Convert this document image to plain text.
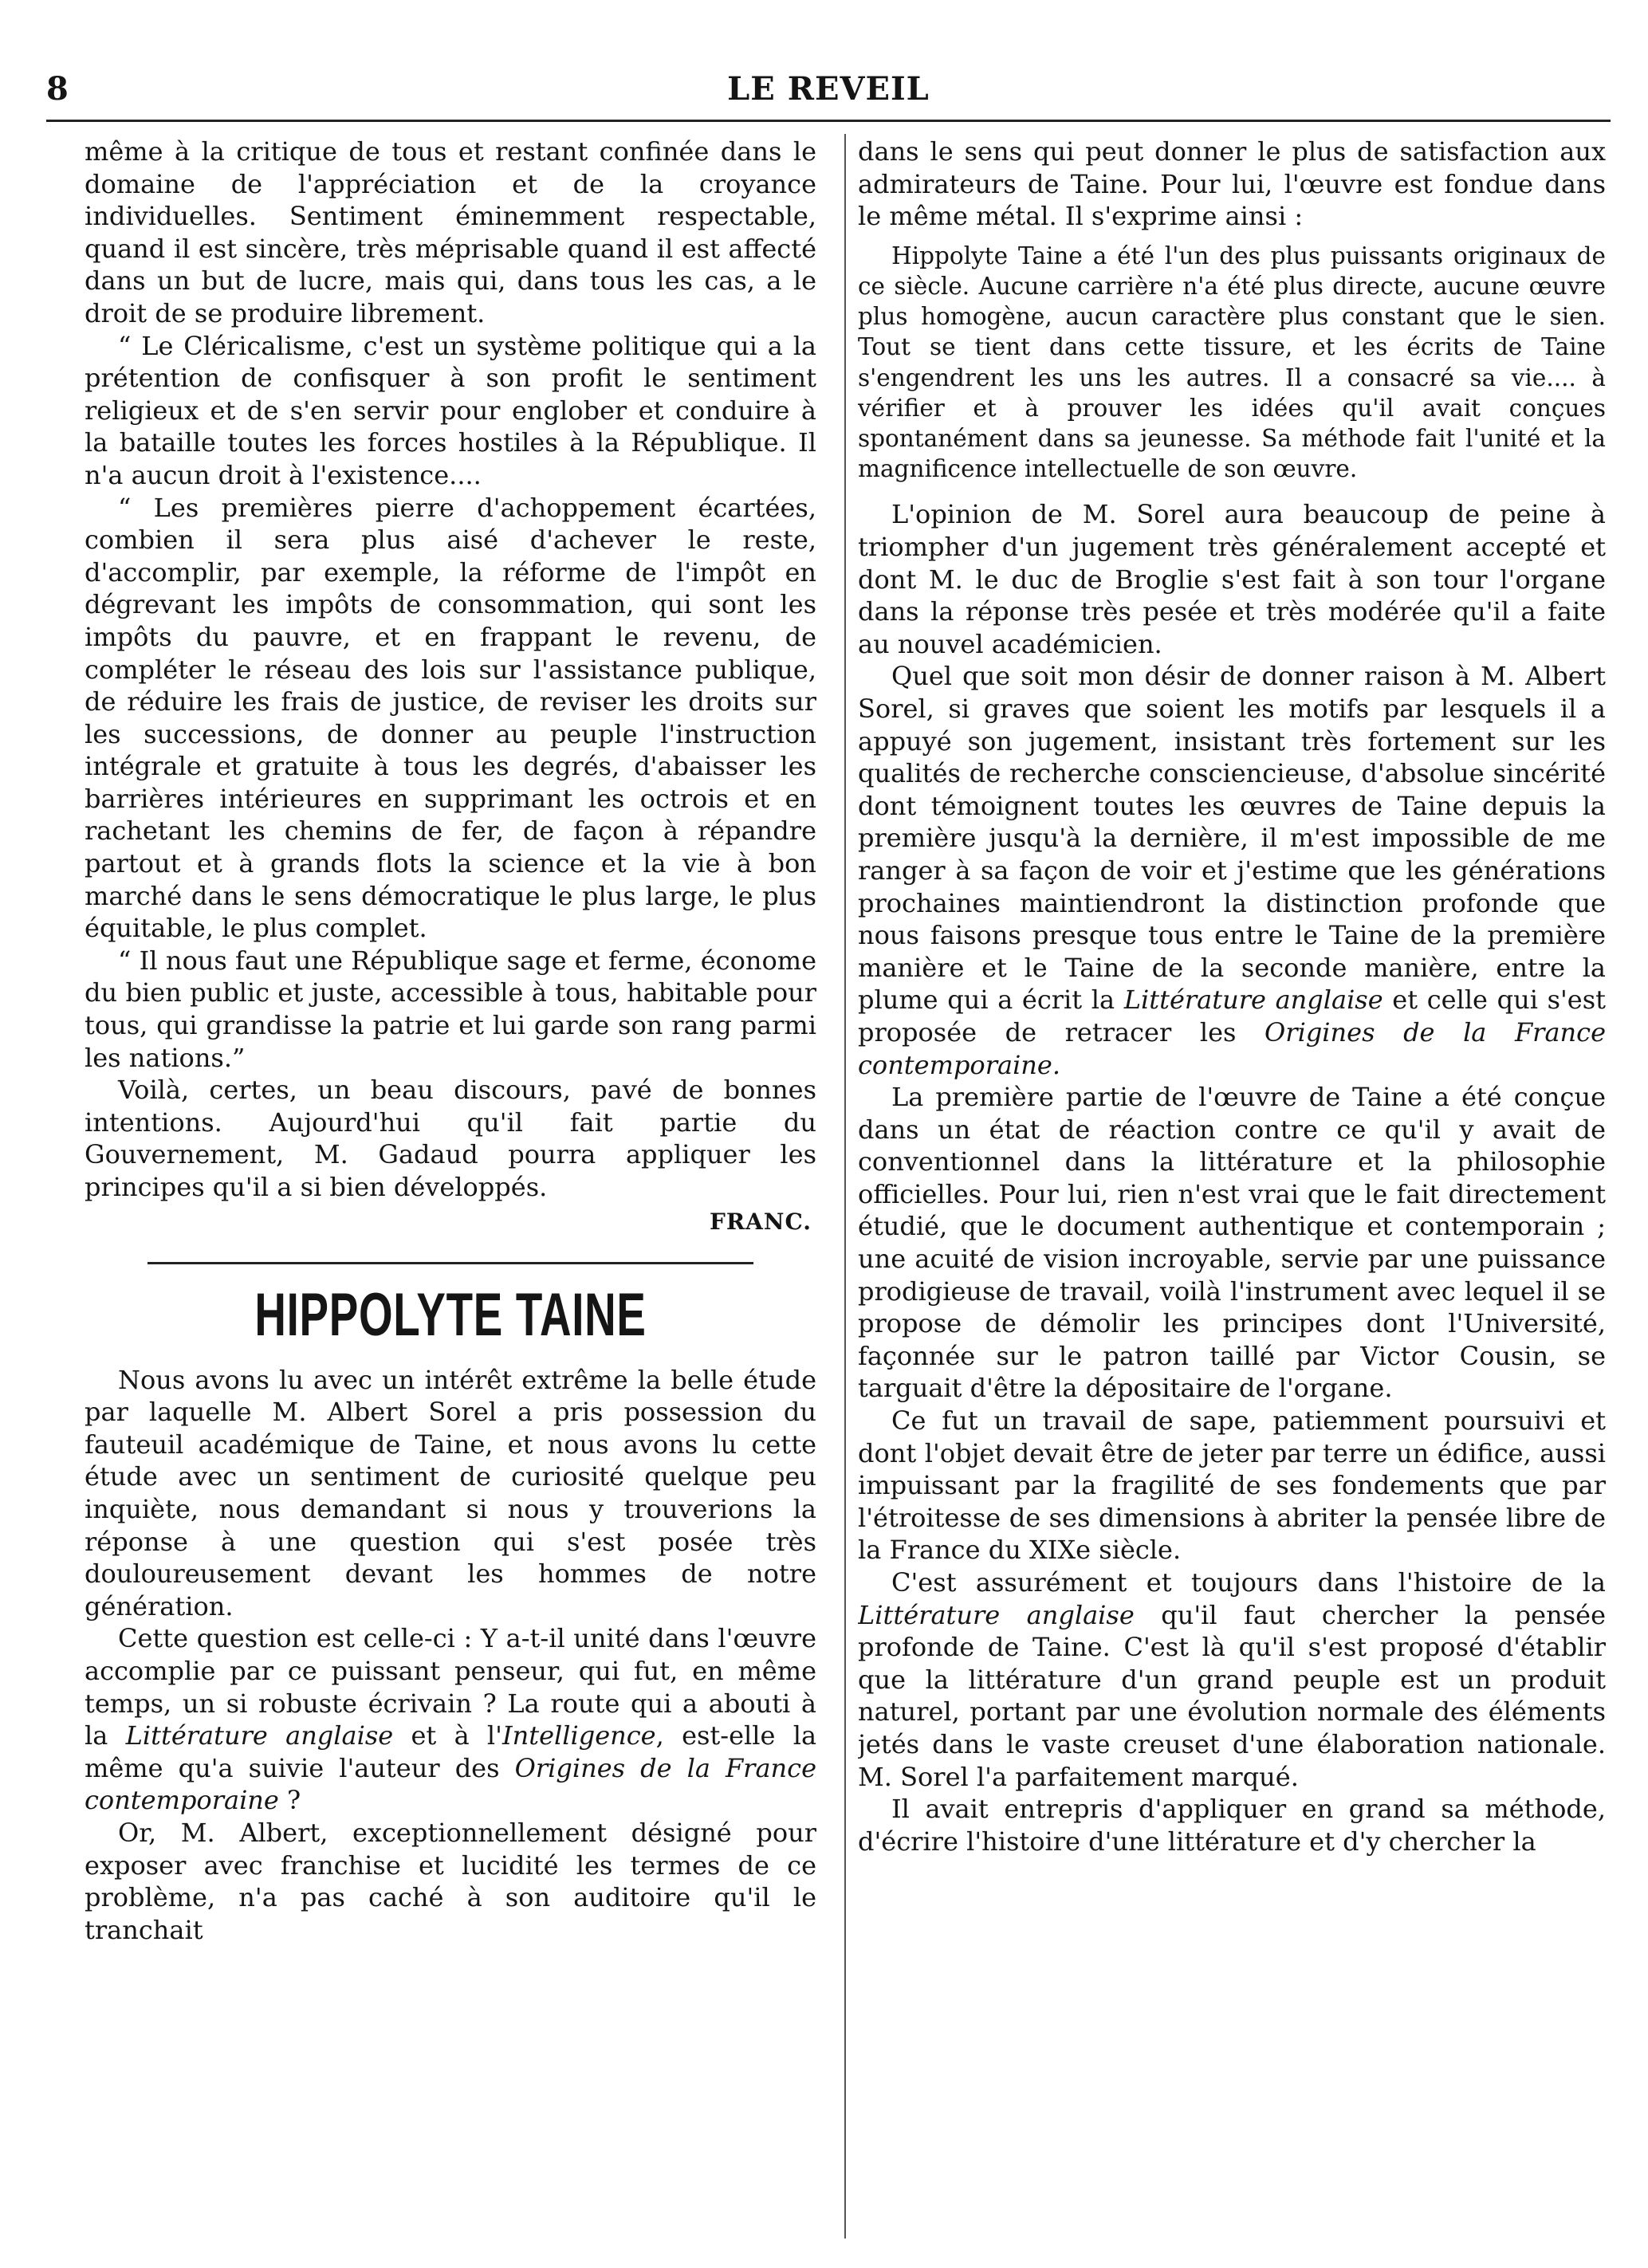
8	LE REVEIL

même à la critique de tous et restant confinée dans le domaine de l'appréciation et de la croyance individuelles. Sentiment éminemment respectable, quand il est sincère, très méprisable quand il est affecté dans un but de lucre, mais qui, dans tous les cas, a le droit de se produire librement.

“ Le Cléricalisme, c'est un système politique qui a la prétention de confisquer à son profit le sentiment religieux et de s'en servir pour englober et conduire à la bataille toutes les forces hostiles à la République. Il n'a aucun droit à l'existence....

“ Les premières pierre d'achoppement écartées, combien il sera plus aisé d'achever le reste, d'accomplir, par exemple, la réforme de l'impôt en dégrevant les impôts de consommation, qui sont les impôts du pauvre, et en frappant le revenu, de compléter le réseau des lois sur l'assistance publique, de réduire les frais de justice, de reviser les droits sur les successions, de donner au peuple l'instruction intégrale et gratuite à tous les degrés, d'abaisser les barrières intérieures en supprimant les octrois et en rachetant les chemins de fer, de façon à répandre partout et à grands flots la science et la vie à bon marché dans le sens démocratique le plus large, le plus équitable, le plus complet.

“ Il nous faut une République sage et ferme, économe du bien public et juste, accessible à tous, habitable pour tous, qui grandisse la patrie et lui garde son rang parmi les nations.”

Voilà, certes, un beau discours, pavé de bonnes intentions. Aujourd'hui qu'il fait partie du Gouvernement, M. Gadaud pourra appliquer les principes qu'il a si bien développés.

FRANC.

HIPPOLYTE TAINE

Nous avons lu avec un intérêt extrême la belle étude par laquelle M. Albert Sorel a pris possession du fauteuil académique de Taine, et nous avons lu cette étude avec un sentiment de curiosité quelque peu inquiète, nous demandant si nous y trouverions la réponse à une question qui s'est posée très douloureusement devant les hommes de notre génération.

Cette question est celle-ci : Y a-t-il unité dans l'œuvre accomplie par ce puissant penseur, qui fut, en même temps, un si robuste écrivain ? La route qui a abouti à la Littérature anglaise et à l'Intelligence, est-elle la même qu'a suivie l'auteur des Origines de la France contemporaine ?

Or, M. Albert, exceptionnellement désigné pour exposer avec franchise et lucidité les termes de ce problème, n'a pas caché à son auditoire qu'il le tranchait

dans le sens qui peut donner le plus de satisfaction aux admirateurs de Taine. Pour lui, l'œuvre est fondue dans le même métal. Il s'exprime ainsi :

Hippolyte Taine a été l'un des plus puissants originaux de ce siècle. Aucune carrière n'a été plus directe, aucune œuvre plus homogène, aucun caractère plus constant que le sien. Tout se tient dans cette tissure, et les écrits de Taine s'engendrent les uns les autres. Il a consacré sa vie.... à vérifier et à prouver les idées qu'il avait conçues spontanément dans sa jeunesse. Sa méthode fait l'unité et la magnificence intellectuelle de son œuvre.

L'opinion de M. Sorel aura beaucoup de peine à triompher d'un jugement très généralement accepté et dont M. le duc de Broglie s'est fait à son tour l'organe dans la réponse très pesée et très modérée qu'il a faite au nouvel académicien.

Quel que soit mon désir de donner raison à M. Albert Sorel, si graves que soient les motifs par lesquels il a appuyé son jugement, insistant très fortement sur les qualités de recherche consciencieuse, d'absolue sincérité dont témoignent toutes les œuvres de Taine depuis la première jusqu'à la dernière, il m'est impossible de me ranger à sa façon de voir et j'estime que les générations prochaines maintiendront la distinction profonde que nous faisons presque tous entre le Taine de la première manière et le Taine de la seconde manière, entre la plume qui a écrit la Littérature anglaise et celle qui s'est proposée de retracer les Origines de la France contemporaine.

La première partie de l'œuvre de Taine a été conçue dans un état de réaction contre ce qu'il y avait de conventionnel dans la littérature et la philosophie officielles. Pour lui, rien n'est vrai que le fait directement étudié, que le document authentique et contemporain ; une acuité de vision incroyable, servie par une puissance prodigieuse de travail, voilà l'instrument avec lequel il se propose de démolir les principes dont l'Université, façonnée sur le patron taillé par Victor Cousin, se targuait d'être la dépositaire de l'organe.

Ce fut un travail de sape, patiemment poursuivi et dont l'objet devait être de jeter par terre un édifice, aussi impuissant par la fragilité de ses fondements que par l'étroitesse de ses dimensions à abriter la pensée libre de la France du XIXe siècle.

C'est assurément et toujours dans l'histoire de la Littérature anglaise qu'il faut chercher la pensée profonde de Taine. C'est là qu'il s'est proposé d'établir que la littérature d'un grand peuple est un produit naturel, portant par une évolution normale des éléments jetés dans le vaste creuset d'une élaboration nationale. M. Sorel l'a parfaitement marqué.

Il avait entrepris d'appliquer en grand sa méthode, d'écrire l'histoire d'une littérature et d'y chercher la
